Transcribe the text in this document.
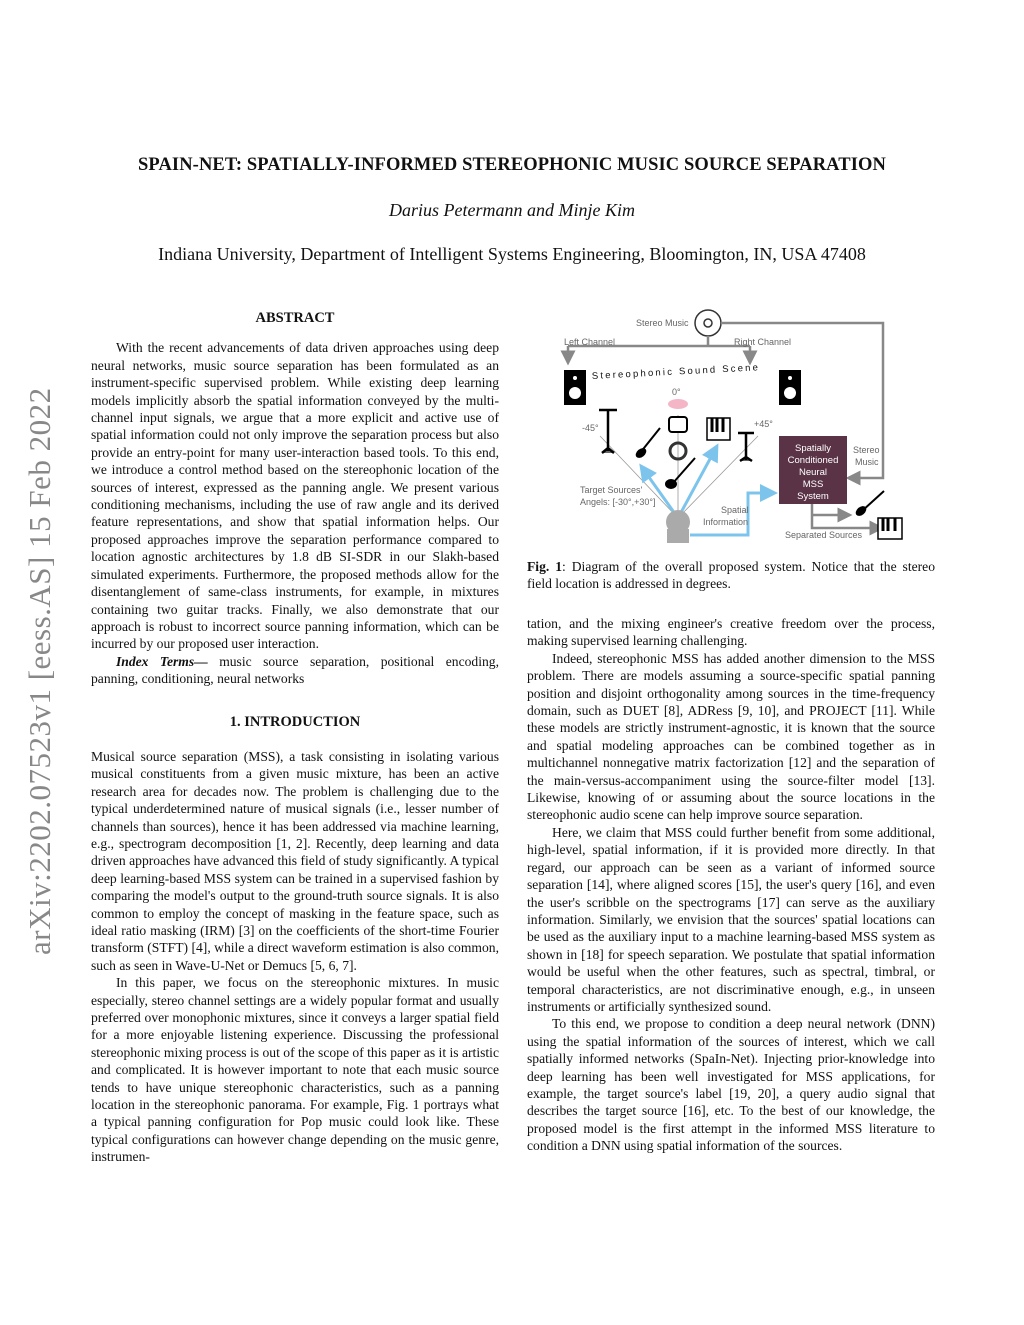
SPAIN-NET: SPATIALLY-INFORMED STEREOPHONIC MUSIC SOURCE SEPARATION
Darius Petermann and Minje Kim
Indiana University, Department of Intelligent Systems Engineering, Bloomington, IN, USA 47408
arXiv:2202.07523v1 [eess.AS] 15 Feb 2022
ABSTRACT

With the recent advancements of data driven approaches using deep neural networks, music source separation has been formulated as an instrument-specific supervised problem. While existing deep learning models implicitly absorb the spatial information conveyed by the multi-channel input signals, we argue that a more explicit and active use of spatial information could not only improve the separation process but also provide an entry-point for many user-interaction based tools. To this end, we introduce a control method based on the stereophonic location of the sources of interest, expressed as the panning angle. We present various conditioning mechanisms, including the use of raw angle and its derived feature representations, and show that spatial information helps. Our proposed approaches improve the separation performance compared to location agnostic architectures by 1.8 dB SI-SDR in our Slakh-based simulated experiments. Furthermore, the proposed methods allow for the disentanglement of same-class instruments, for example, in mixtures containing two guitar tracks. Finally, we also demonstrate that our approach is robust to incorrect source panning information, which can be incurred by our proposed user interaction.

Index Terms— music source separation, positional encoding, panning, conditioning, neural networks

1. INTRODUCTION

Musical source separation (MSS), a task consisting in isolating various musical constituents from a given music mixture, has been an active research area for decades now. The problem is challenging due to the typical underdetermined nature of musical signals (i.e., lesser number of channels than sources), hence it has been addressed via machine learning, e.g., spectrogram decomposition [1, 2]. Recently, deep learning and data driven approaches have advanced this field of study significantly. A typical deep learning-based MSS system can be trained in a supervised fashion by comparing the model's output to the ground-truth source signals. It is also common to employ the concept of masking in the feature space, such as ideal ratio masking (IRM) [3] on the coefficients of the short-time Fourier transform (STFT) [4], while a direct waveform estimation is also common, such as seen in Wave-U-Net or Demucs [5, 6, 7].

In this paper, we focus on the stereophonic mixtures. In music especially, stereo channel settings are a widely popular format and usually preferred over monophonic mixtures, since it conveys a larger spatial field for a more enjoyable listening experience. Discussing the professional stereophonic mixing process is out of the scope of this paper as it is artistic and complicated. It is however important to note that each music source tends to have unique stereophonic characteristics, such as a panning location in the stereophonic panorama. For example, Fig. 1 portrays what a typical panning configuration for Pop music could look like. These typical configurations can however change depending on the music genre, instrumen-

Stereo Music
Left Channel	Right Channel
Stereophonic Sound Scene
0°
-45°	+45°
Target Sources'
Angels: [-30°,+30°]
Spatial
Information
Spatially
Conditioned
Neural
MSS
System
Stereo
Music
Separated Sources
Fig. 1: Diagram of the overall proposed system. Notice that the stereo field location is addressed in degrees.

tation, and the mixing engineer's creative freedom over the process, making supervised learning challenging.

Indeed, stereophonic MSS has added another dimension to the MSS problem. There are models assuming a source-specific spatial panning position and disjoint orthogonality among sources in the time-frequency domain, such as DUET [8], ADRess [9, 10], and PROJECT [11]. While these models are strictly instrument-agnostic, it is known that the source and spatial modeling approaches can be combined together as in multichannel nonnegative matrix factorization [12] and the separation of the main-versus-accompaniment using the source-filter model [13]. Likewise, knowing of or assuming about the source locations in the stereophonic audio scene can help improve source separation.

Here, we claim that MSS could further benefit from some additional, high-level, spatial information, if it is provided more directly. In that regard, our approach can be seen as a variant of informed source separation [14], where aligned scores [15], the user's query [16], and even the user's scribble on the spectrograms [17] can serve as the auxiliary information. Similarly, we envision that the sources' spatial locations can be used as the auxiliary input to a machine learning-based MSS system as shown in [18] for speech separation. We postulate that spatial information would be useful when the other features, such as spectral, timbral, or temporal characteristics, are not discriminative enough, e.g., in unseen instruments or artificially synthesized sound.

To this end, we propose to condition a deep neural network (DNN) using the spatial information of the sources of interest, which we call spatially informed networks (SpaIn-Net). Injecting prior-knowledge into deep learning has been well investigated for MSS applications, for example, the target source's label [19, 20], a query audio signal that describes the target source [16], etc. To the best of our knowledge, the proposed model is the first attempt in the informed MSS literature to condition a DNN using spatial information of the sources.
